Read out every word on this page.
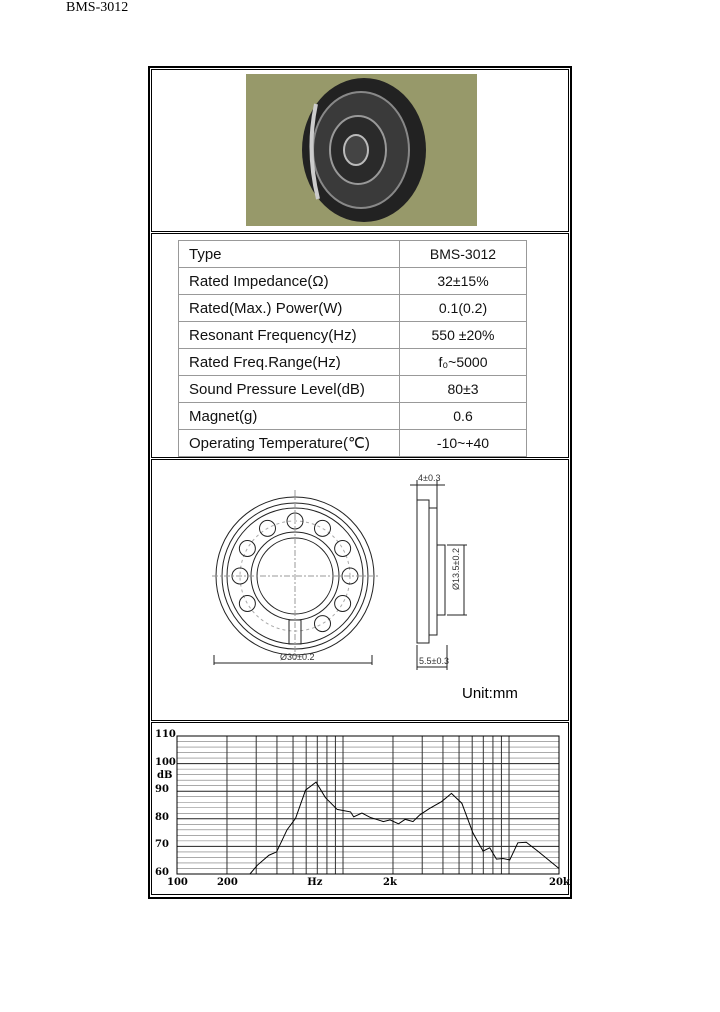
BMS-3012
Type	BMS-3012
Rated Impedance(Ω)	32±15%
Rated(Max.) Power(W)	0.1(0.2)
Resonant Frequency(Hz)	550 ±20%
Rated Freq.Range(Hz)	f₀~5000
Sound Pressure Level(dB)	80±3
Magnet(g)	0.6
Operating Temperature(℃)	-10~+40
Ø30±0.2
4±0.3
Ø13.5±0.2
5.5±0.3
Unit:mm
110
100
90
80
70
60
dB
100	200	Hz	2k	20k
